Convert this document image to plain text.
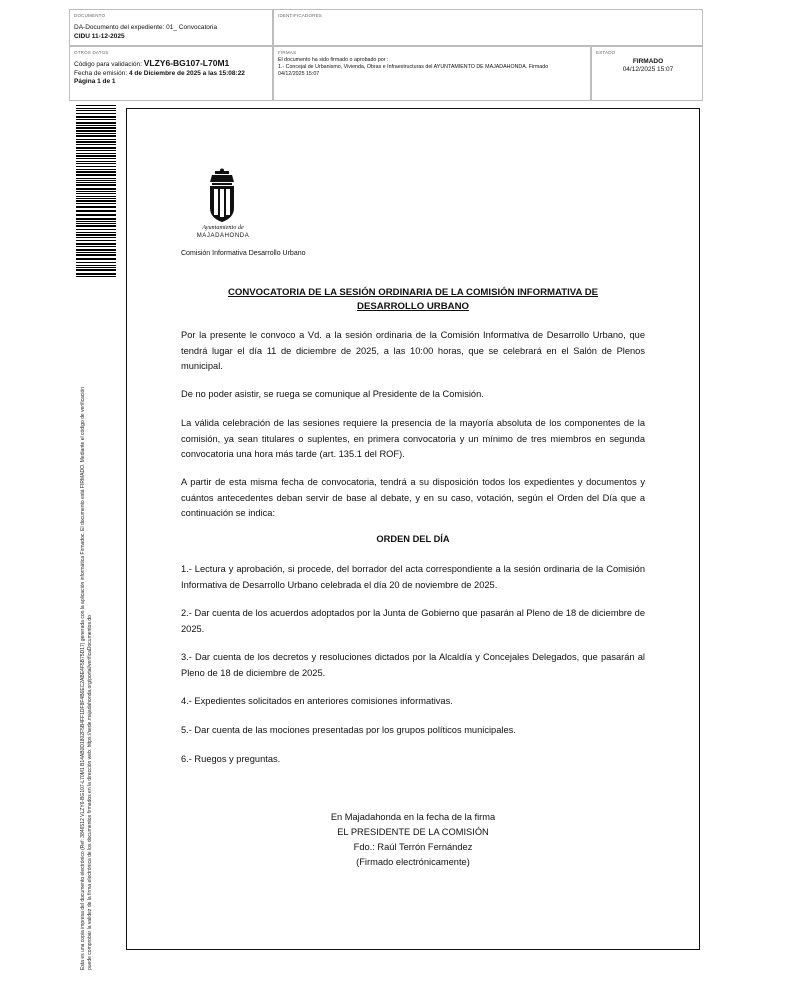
DOCUMENTO
DA-Documento del expediente: 01_ Convocatoria
CIDU 11-12-2025
IDENTIFICADORES
OTROS DATOS
Código para validación: VLZY6-BG107-L70M1
Fecha de emisión: 4 de Diciembre de 2025 a las 15:08:22
Página 1 de 1
FIRMAS
El documento ha sido firmado o aprobado por :
1.- Concejal de Urbanismo, Vivienda, Obras e Infraestructuras del AYUNTAMIENTO DE MAJADAHONDA. Firmado
04/12/2025 15:07
ESTADO
FIRMADO
04/12/2025 15:07
Esta es una copia impresa del documento electrónico (Ref: 3846512 VLZY6-BG107-L70M1 B14AB0D1802F5B4FF1DF8F4B6EC2ABE4F5B75D17) generada con la aplicación informática Firmadoc. El documento está FIRMADO. Mediante el código de verificación puede comprobar la validez de la firma electrónica de los documentos firmados en la dirección web: https://sede.majadahonda.org/portal/verificaDocumentos.do
Ayuntamiento de
MAJADAHONDA
Comisión Informativa Desarrollo Urbano
CONVOCATORIA DE LA SESIÓN ORDINARIA DE LA COMISIÓN INFORMATIVA DE
DESARROLLO URBANO
Por la presente le convoco a Vd. a la sesión ordinaria de la Comisión Informativa de Desarrollo Urbano, que tendrá lugar el día 11 de diciembre de 2025, a las 10:00 horas, que se celebrará en el Salón de Plenos municipal.
De no poder asistir, se ruega se comunique al Presidente de la Comisión.
La válida celebración de las sesiones requiere la presencia de la mayoría absoluta de los componentes de la comisión, ya sean titulares o suplentes, en primera convocatoria y un mínimo de tres miembros en segunda convocatoria una hora más tarde (art. 135.1 del ROF).
A partir de esta misma fecha de convocatoria, tendrá a su disposición todos los expedientes y documentos y cuántos antecedentes deban servir de base al debate, y en su caso, votación, según el Orden del Día que a continuación se indica:
ORDEN DEL DÍA
1.- Lectura y aprobación, si procede, del borrador del acta correspondiente a la sesión ordinaria de la Comisión Informativa de Desarrollo Urbano celebrada el día 20 de noviembre de 2025.
2.- Dar cuenta de los acuerdos adoptados por la Junta de Gobierno que pasarán al Pleno de 18 de diciembre de 2025.
3.- Dar cuenta de los decretos y resoluciones dictados por la Alcaldía y Concejales Delegados, que pasarán al Pleno de 18 de diciembre de 2025.
4.- Expedientes solicitados en anteriores comisiones informativas.
5.- Dar cuenta de las mociones presentadas por los grupos políticos municipales.
6.- Ruegos y preguntas.
En Majadahonda en la fecha de la firma
EL PRESIDENTE DE LA COMISIÓN
Fdo.: Raúl Terrón Fernández
(Firmado electrónicamente)
